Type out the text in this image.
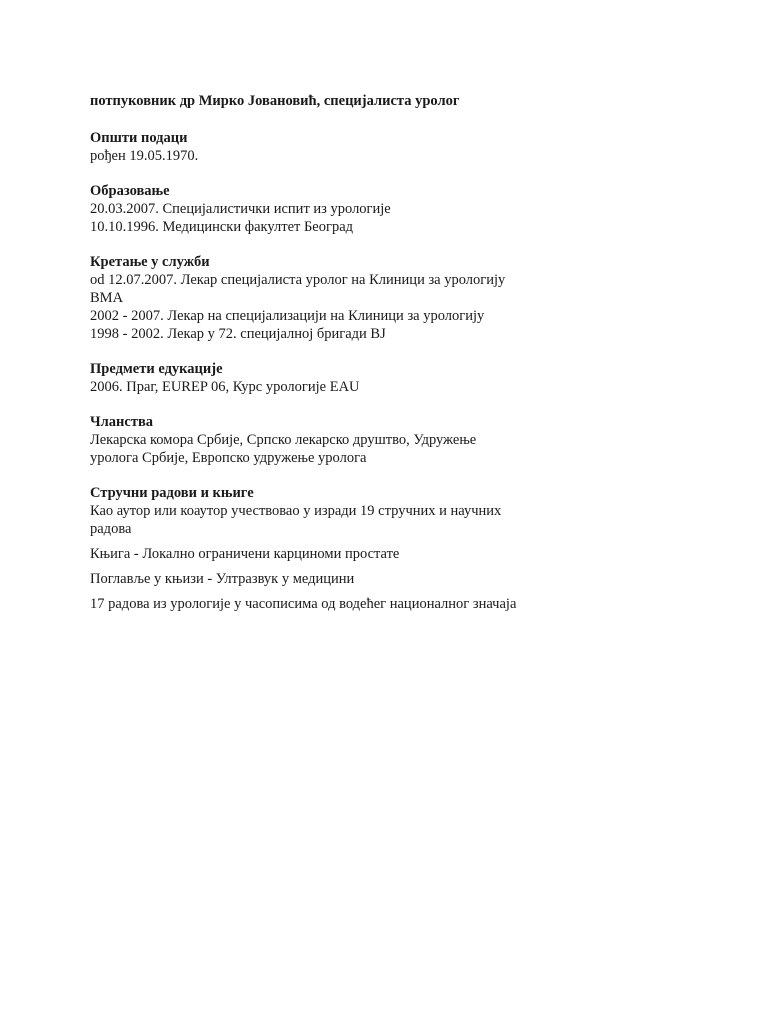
потпуковник др Мирко Јовановић, специјалиста уролог

Општи подаци

рођен 19.05.1970.

Образовање

20.03.2007. Специјалистички испит из урологије

10.10.1996. Медицински факултет Београд

Кретање у служби

od 12.07.2007. Лекар специјалиста уролог на Клиници за урологију ВМА

2002 - 2007. Лекар на специјализацији на Клиници за урологију

1998 - 2002. Лекар у 72. специјалној бригади ВЈ

Предмети едукације

2006. Праг, EUREP 06, Курс урологије EAU

Чланства

Лекарска комора Србије, Српско лекарско друштво, Удружење

уролога Србије, Европско удружење уролога

Стручни радови и књиге

Као аутор или коаутор учествовао у изради 19 стручних и научних радова

Књига - Локално ограничени карциноми простате

Поглавље у књизи - Ултразвук у медицини

17 радова из урологије у часописима од водећег националног значаја
